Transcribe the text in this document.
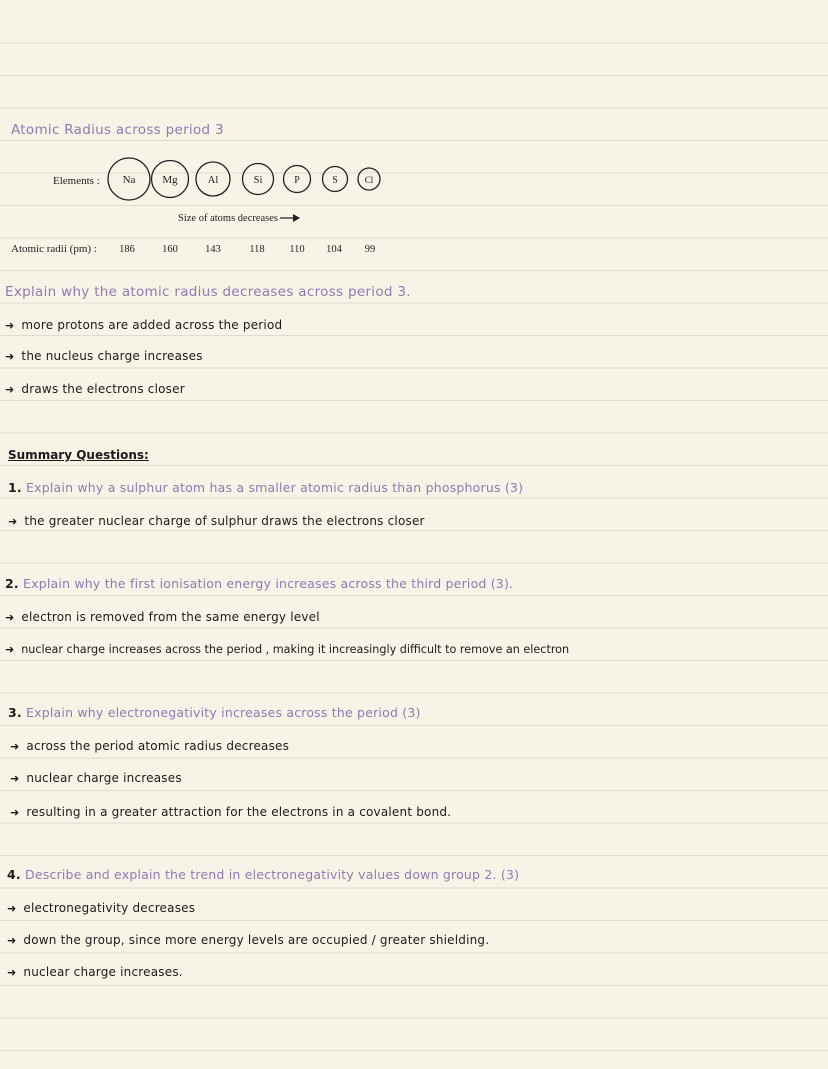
Atomic Radius across period 3
Elements : Na Mg	Al	Si	P	S	Cl
Size of atoms decreases
Atomic radii (pm) : 186	160	143	118 110 104 99
Explain why the atomic radius decreases across period 3.
➜ more protons are added across the period
➜ the nucleus charge increases
➜ draws the electrons closer
Summary Questions:
1. Explain why a sulphur atom has a smaller atomic radius than phosphorus (3)
➜ the greater nuclear charge of sulphur draws the electrons closer
2. Explain why the first ionisation energy increases across the third period (3).
➜ electron is removed from the same energy level
➜ nuclear charge increases across the period , making it increasingly difficult to remove an electron
3. Explain why electronegativity increases across the period (3)
➜ across the period atomic radius decreases
➜ nuclear charge increases
➜ resulting in a greater attraction for the electrons in a covalent bond.
4. Describe and explain the trend in electronegativity values down group 2. (3)
➜ electronegativity decreases
➜ down the group, since more energy levels are occupied / greater shielding.
➜ nuclear charge increases.
